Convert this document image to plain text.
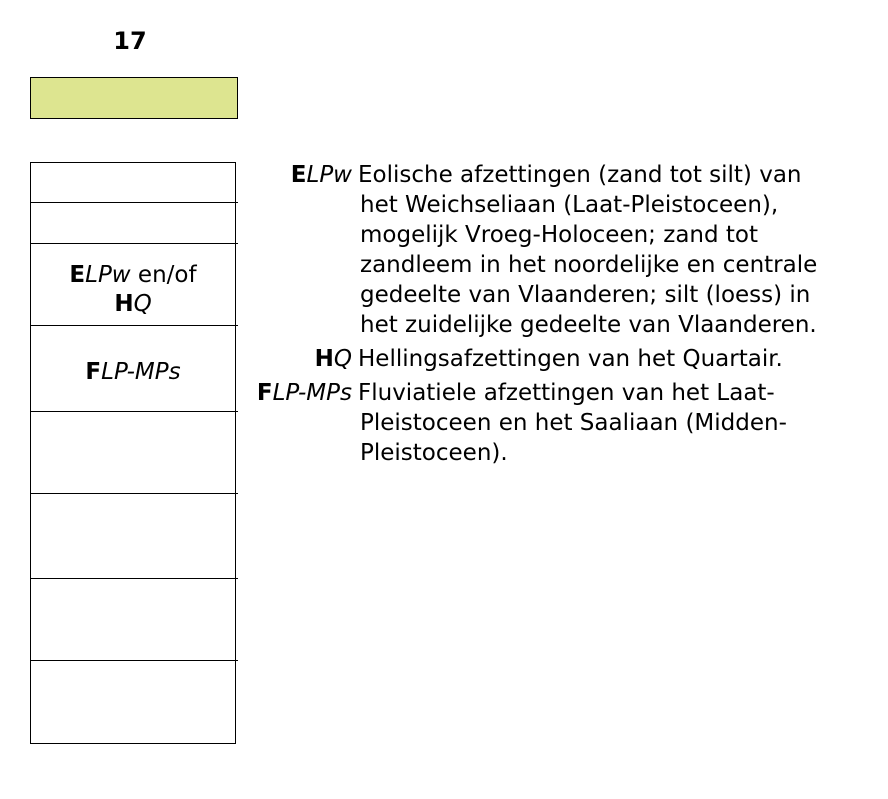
17
ELPw en/of
HQ
FLP-MPs
ELPw Eolische afzettingen (zand tot silt) van
het Weichseliaan (Laat-Pleistoceen),
mogelijk Vroeg-Holoceen; zand tot
zandleem in het noordelijke en centrale
gedeelte van Vlaanderen; silt (loess) in
het zuidelijke gedeelte van Vlaanderen.
HQ Hellingsafzettingen van het Quartair.
FLP-MPs Fluviatiele afzettingen van het Laat-
Pleistoceen en het Saaliaan (Midden-
Pleistoceen).
